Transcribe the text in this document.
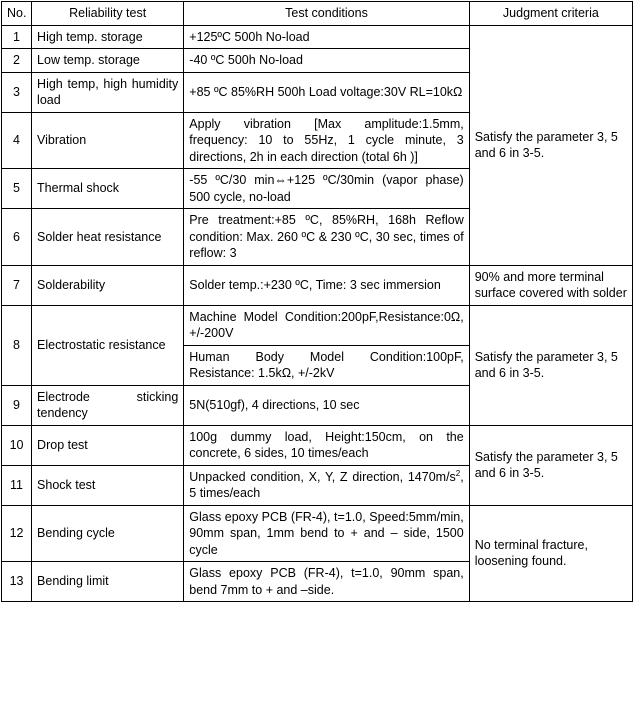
No.	Reliability test	Test conditions	Judgment criteria
1	High temp. storage	+125ºC 500h No-load	Satisfy the parameter 3, 5 and 6 in 3-5.
2	Low temp. storage	-40 ºC 500h No-load	
3	High temp, high humidity load	+85 ºC 85%RH 500h Load voltage:30V RL=10kΩ	
4	Vibration	Apply vibration [Max amplitude:1.5mm, frequency: 10 to 55Hz, 1 cycle minute, 3 directions, 2h in each direction (total 6h )]	
5	Thermal shock	-55 ºC/30 min⇔+125 ºC/30min (vapor phase) 500 cycle, no-load	
6	Solder heat resistance	Pre treatment:+85 ºC, 85%RH, 168h Reflow condition: Max. 260 ºC & 230 ºC, 30 sec, times of reflow: 3	
7	Solderability	Solder temp.:+230 ºC, Time: 3 sec immersion	90% and more terminal surface covered with solder
8	Electrostatic resistance	Machine Model Condition:200pF,Resistance:0Ω, +/-200V
Human Body Model Condition:100pF, Resistance: 1.5kΩ, +/-2kV	Satisfy the parameter 3, 5 and 6 in 3-5.
9	Electrode sticking tendency	5N(510gf), 4 directions, 10 sec	
10	Drop test	100g dummy load, Height:150cm, on the concrete, 6 sides, 10 times/each	Satisfy the parameter 3, 5 and 6 in 3-5.
11	Shock test	Unpacked condition, X, Y, Z direction, $1470m/s^2$, 5 times/each	
12	Bending cycle	Glass epoxy PCB (FR-4), t=1.0, Speed:5mm/min, 90mm span, 1mm bend to + and – side, 1500 cycle	No terminal fracture, loosening found.
13	Bending limit	Glass epoxy PCB (FR-4), t=1.0, 90mm span, bend 7mm to + and –side.	
